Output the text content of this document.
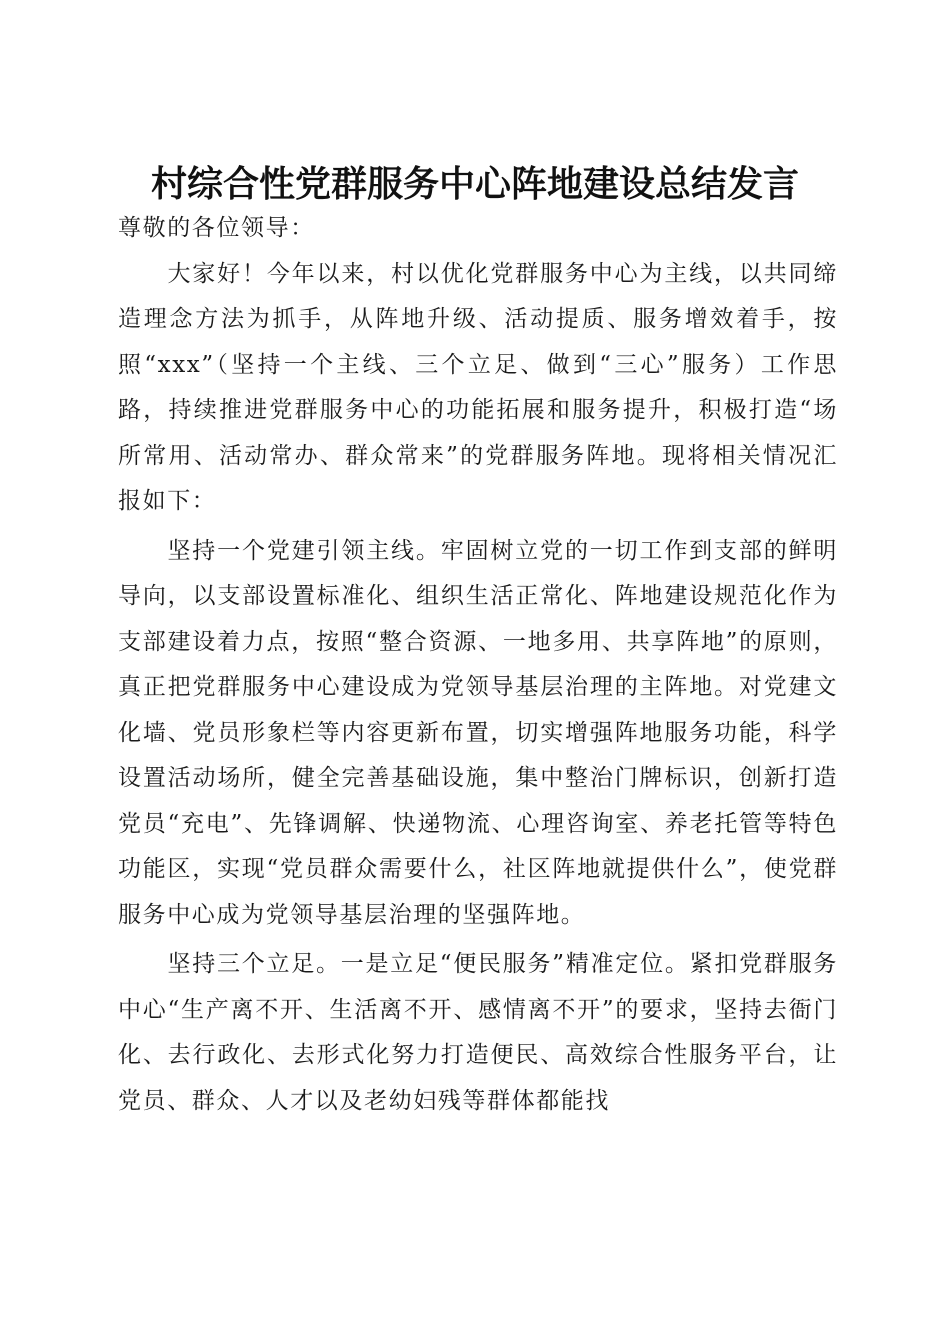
村综合性党群服务中心阵地建设总结发言

尊敬的各位领导：

大家好！今年以来，村以优化党群服务中心为主线，以共同缔造理念方法为抓手，从阵地升级、活动提质、服务增效着手，按照“xxx”（坚持一个主线、三个立足、做到“三心”服务）工作思路，持续推进党群服务中心的功能拓展和服务提升，积极打造“场所常用、活动常办、群众常来”的党群服务阵地。现将相关情况汇报如下：

坚持一个党建引领主线。牢固树立党的一切工作到支部的鲜明导向，以支部设置标准化、组织生活正常化、阵地建设规范化作为支部建设着力点，按照“整合资源、一地多用、共享阵地”的原则，真正把党群服务中心建设成为党领导基层治理的主阵地。对党建文化墙、党员形象栏等内容更新布置，切实增强阵地服务功能，科学设置活动场所，健全完善基础设施，集中整治门牌标识，创新打造党员“充电”、先锋调解、快递物流、心理咨询室、养老托管等特色功能区，实现“党员群众需要什么，社区阵地就提供什么”，使党群服务中心成为党领导基层治理的坚强阵地。

坚持三个立足。一是立足“便民服务”精准定位。紧扣党群服务中心“生产离不开、生活离不开、感情离不开”的要求，坚持去衙门化、去行政化、去形式化努力打造便民、高效综合性服务平台，让党员、群众、人才以及老幼妇残等群体都能找
